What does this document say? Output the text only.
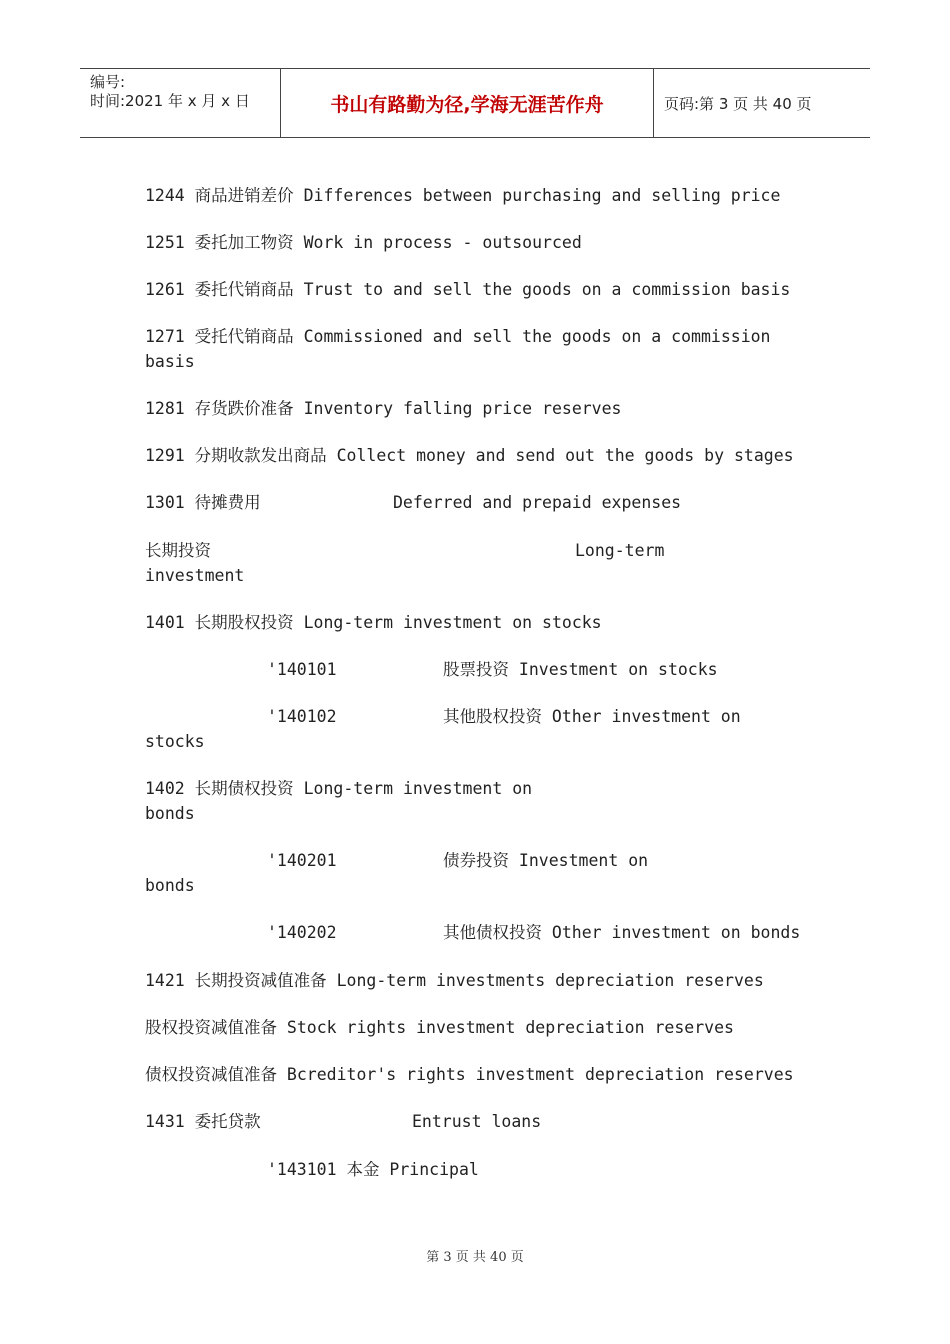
编号:
时间:2021 年 x 月 x 日	书山有路勤为径,学海无涯苦作舟	页码:第 3 页 共 40 页
1244 商品进销差价 Differences between purchasing and selling price
1251 委托加工物资 Work in process - outsourced
1261 委托代销商品 Trust to and sell the goods on a commission basis
1271 受托代销商品 Commissioned and sell the goods on a commission
basis
1281 存货跌价准备 Inventory falling price reserves
1291 分期收款发出商品 Collect money and send out the goods by stages
1301 待摊费用	Deferred and prepaid expenses
长期投资	Long-term
investment
1401 长期股权投资 Long-term investment on stocks
'140101	股票投资 Investment on stocks
'140102	其他股权投资 Other investment on
stocks
1402 长期债权投资 Long-term investment on
bonds
'140201	债券投资 Investment on
bonds
'140202	其他债权投资 Other investment on bonds
1421 长期投资减值准备 Long-term investments depreciation reserves
股权投资减值准备 Stock rights investment depreciation reserves
债权投资减值准备 Bcreditor's rights investment depreciation reserves
1431 委托贷款	Entrust loans
'143101 本金 Principal
第 3 页 共 40 页
